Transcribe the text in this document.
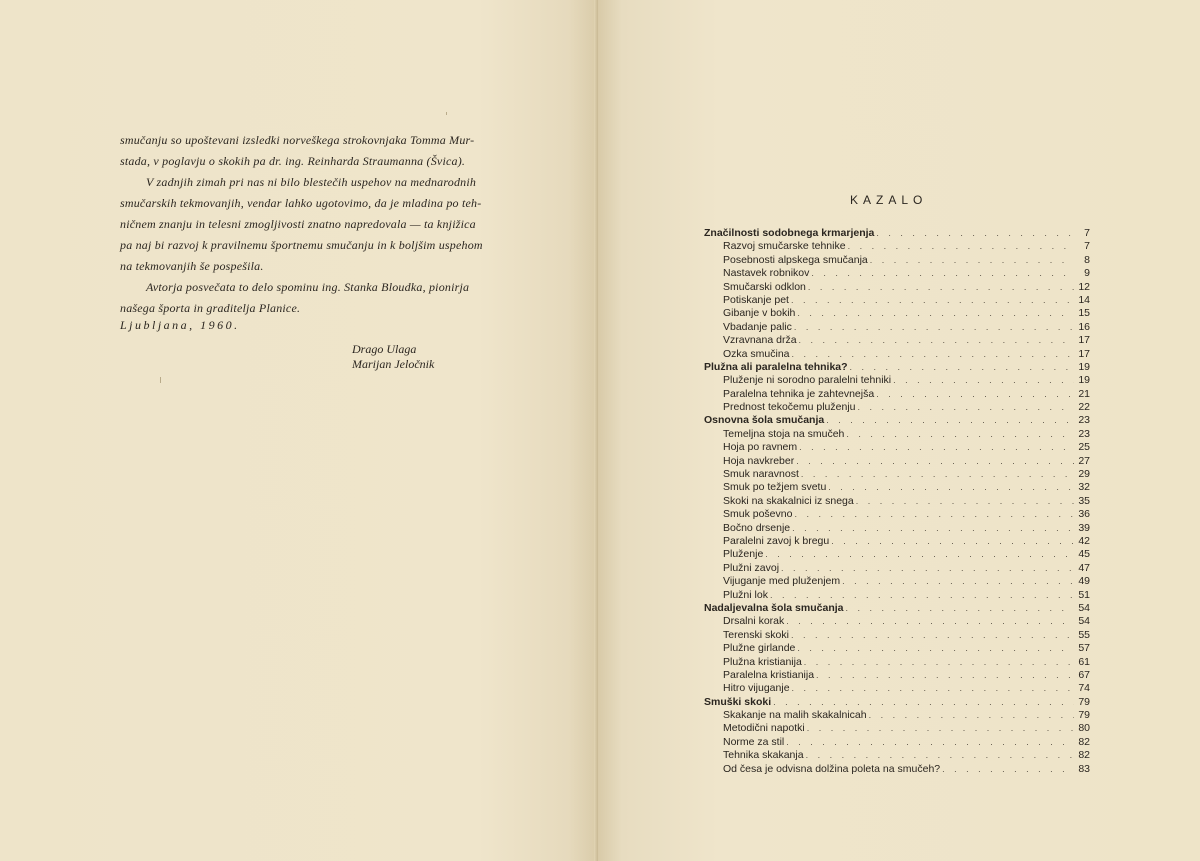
smučanju so upoštevani izsledki norveškega strokovnjaka Tomma Mur-

stada, v poglavju o skokih pa dr. ing. Reinharda Straumanna (Švica).

V zadnjih zimah pri nas ni bilo blestečih uspehov na mednarodnih

smučarskih tekmovanjih, vendar lahko ugotovimo, da je mladina po teh-

ničnem znanju in telesni zmogljivosti znatno napredovala — ta knjižica

pa naj bi razvoj k pravilnemu športnemu smučanju in k boljšim uspehom

na tekmovanjih še pospešila.

Avtorja posvečata to delo spominu ing. Stanka Bloudka, pionirja

našega športa in graditelja Planice.

Ljubljana, 1960.
Drago Ulaga
Marijan Jeločnik
KAZALO
Značilnosti sodobnega krmarjenja . . .	7
Razvoj smučarske tehnike . . .	7
Posebnosti alpskega smučanja . . .	8
Nastavek robnikov . . .	9
Smučarski odklon . . .	12
Potiskanje pet . . .	14
Gibanje v bokih . . .	15
Vbadanje palic . . .	16
Vzravnana drža . . .	17
Ozka smučina . . .	17
Plužna ali paralelna tehnika? . . .	19
Pluženje ni sorodno paralelni tehniki . . .	19
Paralelna tehnika je zahtevnejša . . .	21
Prednost tekočemu pluženju . . .	22
Osnovna šola smučanja . . .	23
Temeljna stoja na smučeh . . .	23
Hoja po ravnem . . .	25
Hoja navkreber . . .	27
Smuk naravnost . . .	29
Smuk po težjem svetu . . .	32
Skoki na skakalnici iz snega . . .	35
Smuk poševno . . .	36
Bočno drsenje . . .	39
Paralelni zavoj k bregu . . .	42
Pluženje . . .	45
Plužni zavoj . . .	47
Vijuganje med pluženjem . . .	49
Plužni lok . . .	51
Nadaljevalna šola smučanja . . .	54
Drsalni korak . . .	54
Terenski skoki . . .	55
Plužne girlande . . .	57
Plužna kristianija . . .	61
Paralelna kristianija . . .	67
Hitro vijuganje . . .	74
Smuški skoki . . .	79
Skakanje na malih skakalnicah . . .	79
Metodični napotki . . .	80
Norme za stil . . .	82
Tehnika skakanja . . .	82
Od česa je odvisna dolžina poleta na smučeh? . . .	83
